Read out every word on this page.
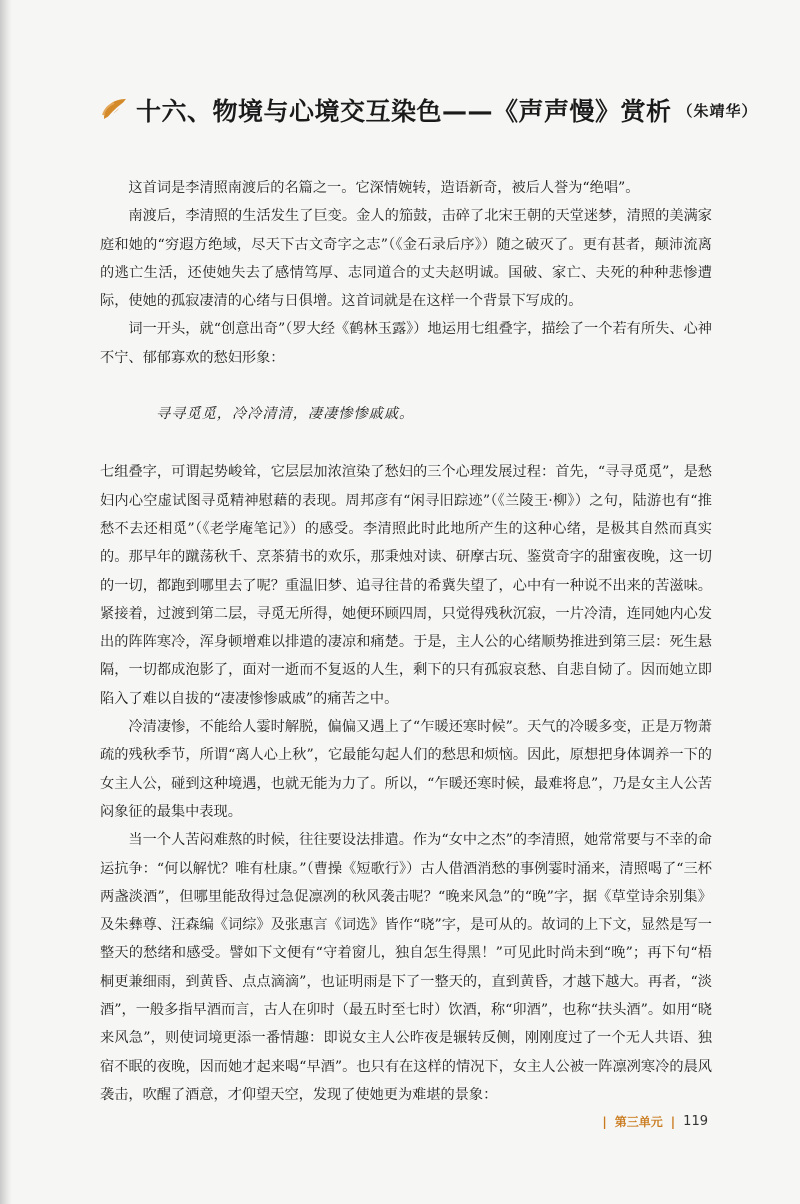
十六、物境与心境交互染色——《声声慢》赏析 （朱靖华）

这首词是李清照南渡后的名篇之一。它深情婉转，造语新奇，被后人誉为“绝唱”。

南渡后，李清照的生活发生了巨变。金人的笳鼓，击碎了北宋王朝的天堂迷梦，清照的美满家庭和她的“穷遐方绝域，尽天下古文奇字之志”（《金石录后序》）随之破灭了。更有甚者，颠沛流离的逃亡生活，还使她失去了感情笃厚、志同道合的丈夫赵明诚。国破、家亡、夫死的种种悲惨遭际，使她的孤寂凄清的心绪与日俱增。这首词就是在这样一个背景下写成的。

词一开头，就“创意出奇”（罗大经《鹤林玉露》）地运用七组叠字，描绘了一个若有所失、心神不宁、郁郁寡欢的愁妇形象：

寻寻觅觅，冷冷清清，凄凄惨惨戚戚。

七组叠字，可谓起势峻耸，它层层加浓渲染了愁妇的三个心理发展过程：首先，“寻寻觅觅”，是愁妇内心空虚试图寻觅精神慰藉的表现。周邦彦有“闲寻旧踪迹”（《兰陵王·柳》）之句，陆游也有“推愁不去还相觅”（《老学庵笔记》）的感受。李清照此时此地所产生的这种心绪，是极其自然而真实的。那早年的蹴荡秋千、烹茶猜书的欢乐，那秉烛对读、研摩古玩、鉴赏奇字的甜蜜夜晚，这一切的一切，都跑到哪里去了呢？重温旧梦、追寻往昔的希冀失望了，心中有一种说不出来的苦滋味。紧接着，过渡到第二层，寻觅无所得，她便环顾四周，只觉得残秋沉寂，一片冷清，连同她内心发出的阵阵寒冷，浑身顿增难以排遣的凄凉和痛楚。于是，主人公的心绪顺势推进到第三层：死生悬隔，一切都成泡影了，面对一逝而不复返的人生，剩下的只有孤寂哀愁、自悲自恸了。因而她立即陷入了难以自拔的“凄凄惨惨戚戚”的痛苦之中。

冷清凄惨，不能给人霎时解脱，偏偏又遇上了“乍暖还寒时候”。天气的冷暖多变，正是万物萧疏的残秋季节，所谓“离人心上秋”，它最能勾起人们的愁思和烦恼。因此，原想把身体调养一下的女主人公，碰到这种境遇，也就无能为力了。所以，“乍暖还寒时候，最难将息”，乃是女主人公苦闷象征的最集中表现。

当一个人苦闷难熬的时候，往往要设法排遣。作为“女中之杰”的李清照，她常常要与不幸的命运抗争：“何以解忧？唯有杜康。”（曹操《短歌行》）古人借酒消愁的事例霎时涌来，清照喝了“三杯两盏淡酒”，但哪里能敌得过急促凛冽的秋风袭击呢？“晚来风急”的“晚”字，据《草堂诗余别集》及朱彝尊、汪森编《词综》及张惠言《词选》皆作“晓”字，是可从的。故词的上下文，显然是写一整天的愁绪和感受。譬如下文便有“守着窗儿，独自怎生得黑！”可见此时尚未到“晚”；再下句“梧桐更兼细雨，到黄昏、点点滴滴”，也证明雨是下了一整天的，直到黄昏，才越下越大。再者，“淡酒”，一般多指早酒而言，古人在卯时（最五时至七时）饮酒，称“卯酒”，也称“扶头酒”。如用“晓来风急”，则使词境更添一番情趣：即说女主人公昨夜是辗转反侧，刚刚度过了一个无人共语、独宿不眠的夜晚，因而她才起来喝“早酒”。也只有在这样的情况下，女主人公被一阵凛冽寒冷的晨风袭击，吹醒了酒意，才仰望天空，发现了使她更为难堪的景象：

| 第三单元 | 119
